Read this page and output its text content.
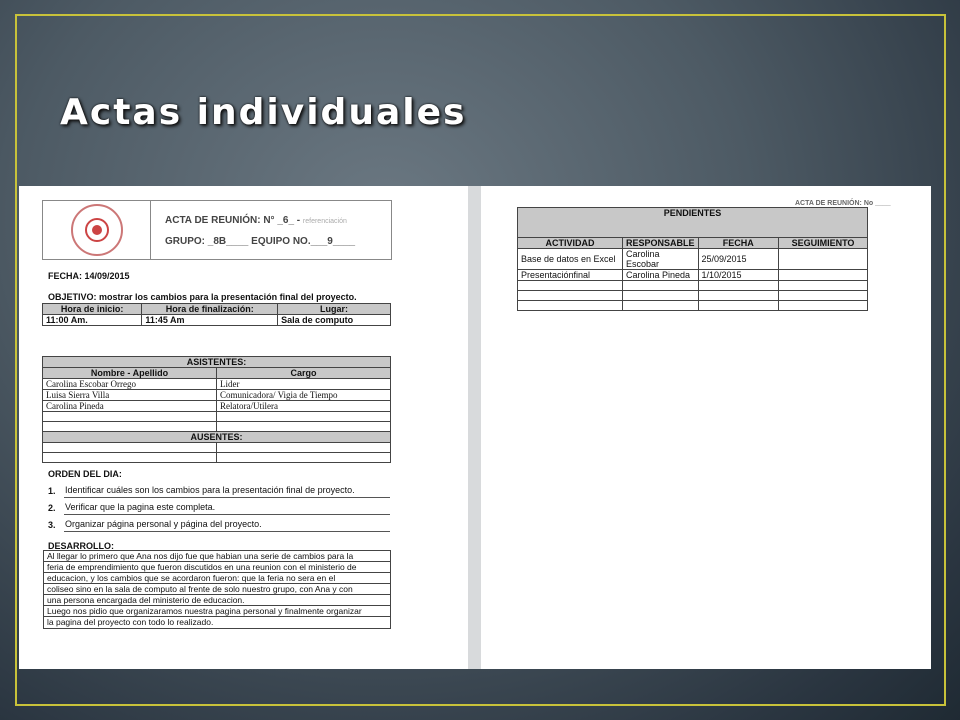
Actas individuales
ACTA DE REUNIÓN: N° _6_ - referenciación
GRUPO: _8B____ EQUIPO NO.___9____
FECHA: 14/09/2015
OBJETIVO: mostrar los cambios para la presentación final del proyecto.
Hora de inicio:	Hora de finalización:	Lugar:
11:00 Am.	11:45 Am	Sala de computo
ASISTENTES:	
Nombre - Apellido	Cargo
Carolina Escobar Orrego	Lider
Luisa Sierra Villa	Comunicadora/ Vigia de Tiempo
Carolina Pineda	Relatora/Utilera

AUSENTES:	

ORDEN DEL DIA:
1.	Identificar cuáles son los cambios para la presentación final de proyecto.
2.	Verificar que la pagina este completa.
3.	Organizar página personal y página del proyecto.
DESARROLLO:
Al llegar lo primero que Ana nos dijo fue que habian una serie de cambios para la
feria de emprendimiento que fueron discutidos en una reunion con el ministerio de
educacion, y los cambios que se acordaron fueron: que la feria no sera en el
coliseo sino en la sala de computo al frente de solo nuestro grupo, con Ana y con
una persona encargada del ministerio de educacion.
Luego nos pidio que organizaramos nuestra pagina personal y finalmente organizar
la pagina del proyecto con todo lo realizado.
ACTA DE REUNIÓN: No ____
PENDIENTES			
ACTIVIDAD	RESPONSABLE	FECHA	SEGUIMIENTO
Base de datos en Excel	Carolina Escobar	25/09/2015	
Presentaciónfinal	Carolina Pineda	1/10/2015	
